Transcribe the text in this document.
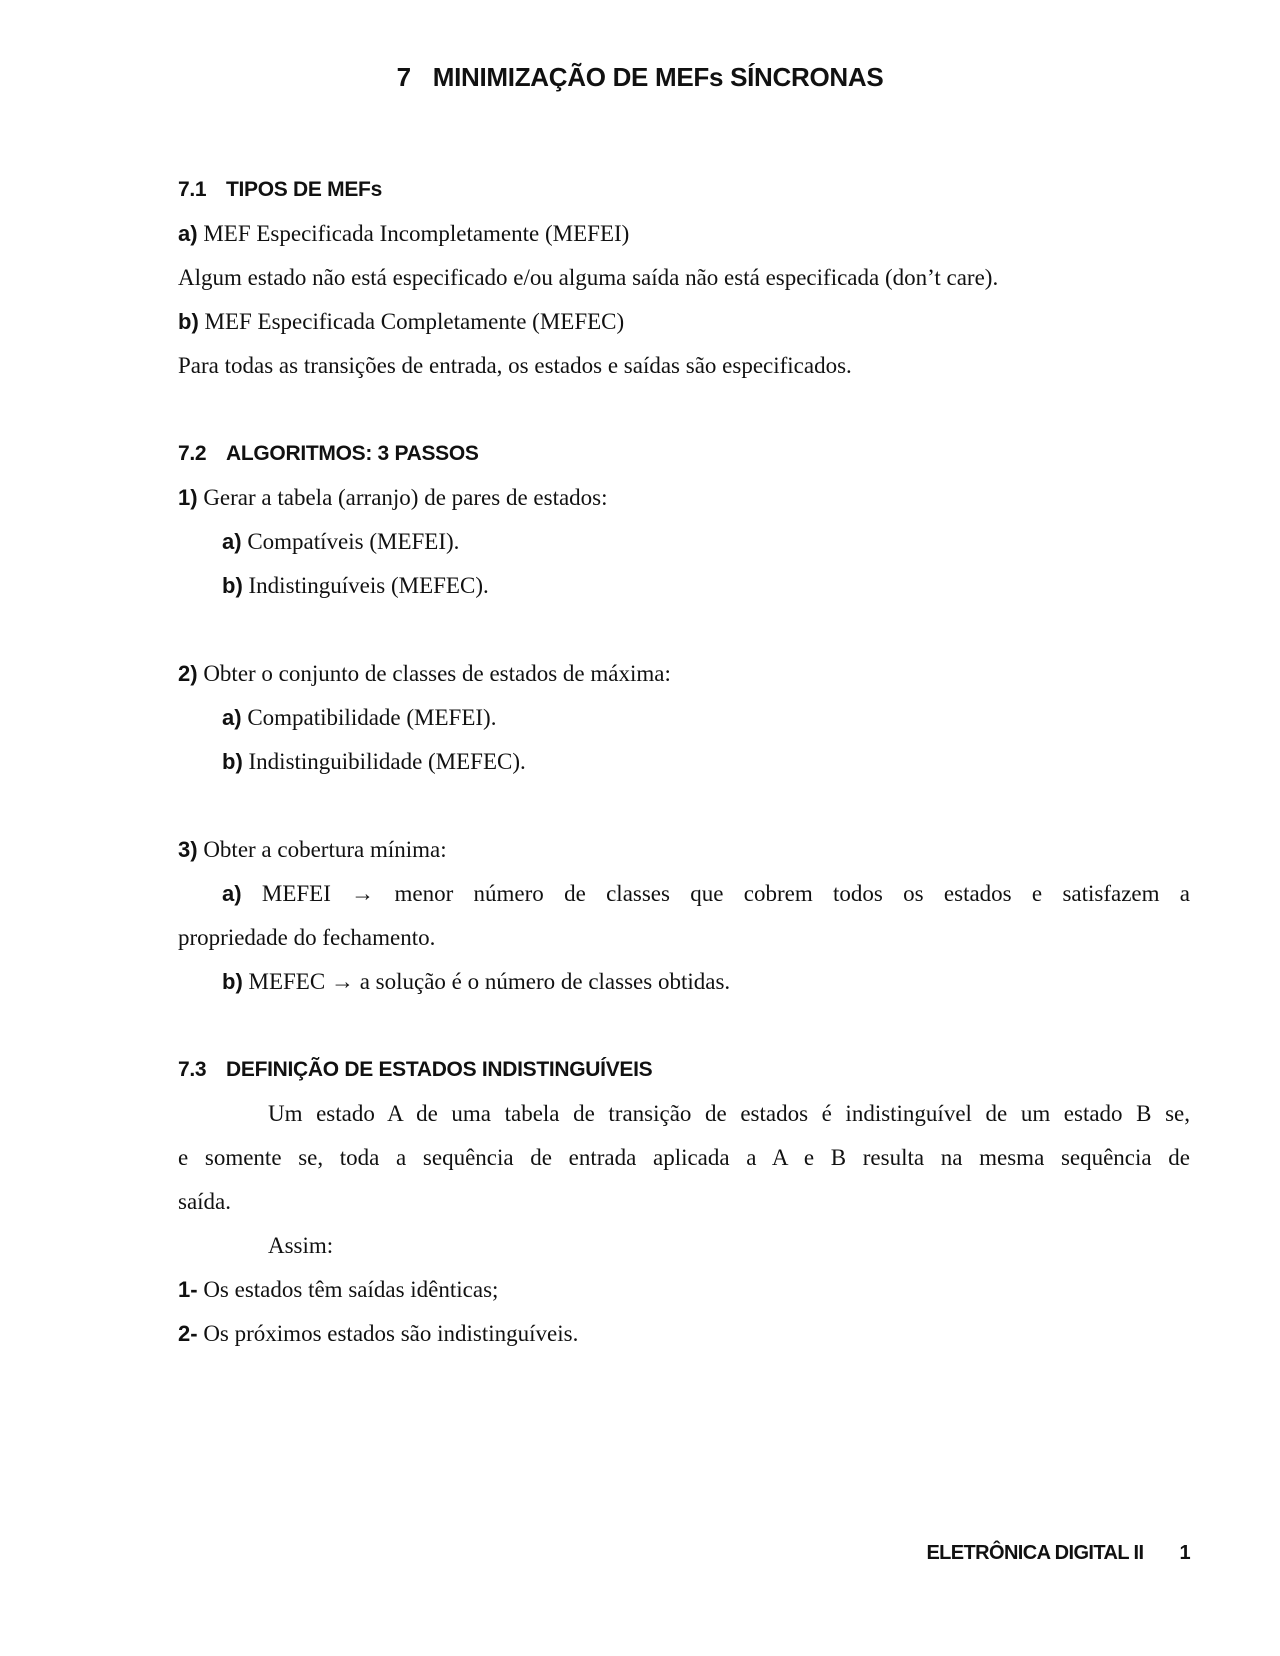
7 MINIMIZAÇÃO DE MEFs SÍNCRONAS
7.1 TIPOS DE MEFs
a) MEF Especificada Incompletamente (MEFEI)
Algum estado não está especificado e/ou alguma saída não está especificada (don’t care).
b) MEF Especificada Completamente (MEFEC)
Para todas as transições de entrada, os estados e saídas são especificados.
7.2 ALGORITMOS: 3 PASSOS
1) Gerar a tabela (arranjo) de pares de estados:
a) Compatíveis (MEFEI).
b) Indistinguíveis (MEFEC).
2) Obter o conjunto de classes de estados de máxima:
a) Compatibilidade (MEFEI).
b) Indistinguibilidade (MEFEC).
3) Obter a cobertura mínima:
a) MEFEI → menor número de classes que cobrem todos os estados e satisfazem a
propriedade do fechamento.
b) MEFEC → a solução é o número de classes obtidas.
7.3 DEFINIÇÃO DE ESTADOS INDISTINGUÍVEIS
Um estado A de uma tabela de transição de estados é indistinguível de um estado B se,
e somente se, toda a sequência de entrada aplicada a A e B resulta na mesma sequência de
saída.
Assim:
1- Os estados têm saídas idênticas;
2- Os próximos estados são indistinguíveis.
ELETRÔNICA DIGITAL II 1
